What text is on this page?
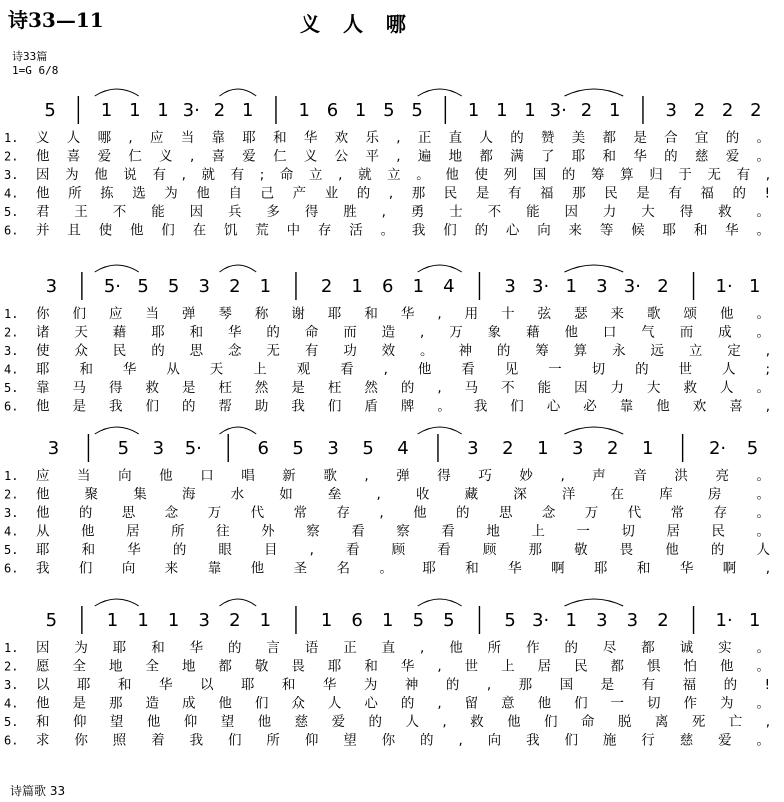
诗33—11	义 人 哪
诗33篇
1=G 6/8
5	1 1 1 3· 2 1	1 6 1 5 5	1 1 1 3· 2 1	3 2 2 2
1. 义人哪,应当靠耶和华欢乐,正直人的赞美都是合宜的。
2. 他喜爱仁义,喜爱仁义公平,遍地都满了耶和华的慈爱。
3. 因为他说有,就有;命立,就立。他使列国的筹算归于无有,
4. 他所拣选为他自己产业的,那民是有福那民是有福的!
5. 君王不能因兵多得胜,勇士不能因力大得救。
6. 并且使他们在饥荒中存活。我们的心向来等候耶和华。
3	5· 5 5 3 2 1	2 1 6 1 4	3 3· 1 3 3· 2	1· 1
1. 你们应当弹琴称谢耶和华,用十弦瑟来歌颂他。
2. 诸天藉耶和华的命而造,万象藉他口气而成。
3. 使众民的思念无有功效。神的筹算永远立定,
4. 耶和华从天上观看,他看见一切的世人;
5. 靠马得救是枉然是枉然的,马不能因力大救人。
6. 他是我们的帮助我们盾牌。我们心必靠他欢喜,
3	5 3 5·	6 5 3 5 4	3 2 1 3 2 1	2· 5
1. 应当向他口唱新歌,弹得巧妙,声音洪亮。
2. 他聚集海水如垒,收藏深洋在库房。
3. 他的思念万代常存,他的思念万代常存。
4. 从他居所往外察看察看地上一切居民。
5. 耶和华的眼目,看顾看顾那敬畏他的人
6. 我们向来靠他圣名。耶和华啊耶和华啊,
5	1 1 1 3 2 1	1 6 1 5 5	5 3· 1 3 3 2	1· 1
1. 因为耶和华的言语正直,他所作的尽都诚实。
2. 愿全地全地都敬畏耶和华,世上居民都惧怕他。
3. 以耶和华以耶和华为神的,那国是有福的!
4. 他是那造成他们众人心的,留意他们一切作为。
5. 和仰望他仰望他慈爱的人,救他们命脱离死亡,
6. 求你照着我们所仰望你的,向我们施行慈爱。
诗篇歌 33
